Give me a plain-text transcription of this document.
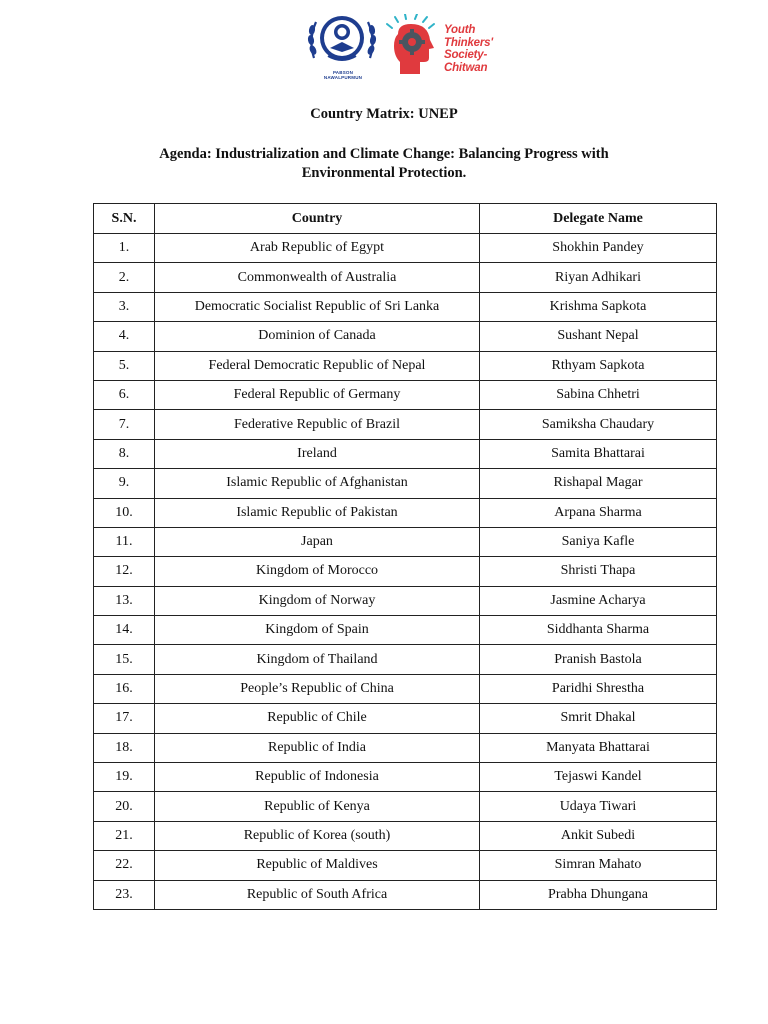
PABSON NAWALPURMUN
Youth
Thinkers'
Society-
Chitwan
Country Matrix: UNEP
Agenda: Industrialization and Climate Change: Balancing Progress with
Environmental Protection.
S.N.	Country	Delegate Name
1.	Arab Republic of Egypt	Shokhin Pandey
2.	Commonwealth of Australia	Riyan Adhikari
3.	Democratic Socialist Republic of Sri Lanka	Krishma Sapkota
4.	Dominion of Canada	Sushant Nepal
5.	Federal Democratic Republic of Nepal	Rthyam Sapkota
6.	Federal Republic of Germany	Sabina Chhetri
7.	Federative Republic of Brazil	Samiksha Chaudary
8.	Ireland	Samita Bhattarai
9.	Islamic Republic of Afghanistan	Rishapal Magar
10.	Islamic Republic of Pakistan	Arpana Sharma
11.	Japan	Saniya Kafle
12.	Kingdom of Morocco	Shristi Thapa
13.	Kingdom of Norway	Jasmine Acharya
14.	Kingdom of Spain	Siddhanta Sharma
15.	Kingdom of Thailand	Pranish Bastola
16.	People’s Republic of China	Paridhi Shrestha
17.	Republic of Chile	Smrit Dhakal
18.	Republic of India	Manyata Bhattarai
19.	Republic of Indonesia	Tejaswi Kandel
20.	Republic of Kenya	Udaya Tiwari
21.	Republic of Korea (south)	Ankit Subedi
22.	Republic of Maldives	Simran Mahato
23.	Republic of South Africa	Prabha Dhungana
